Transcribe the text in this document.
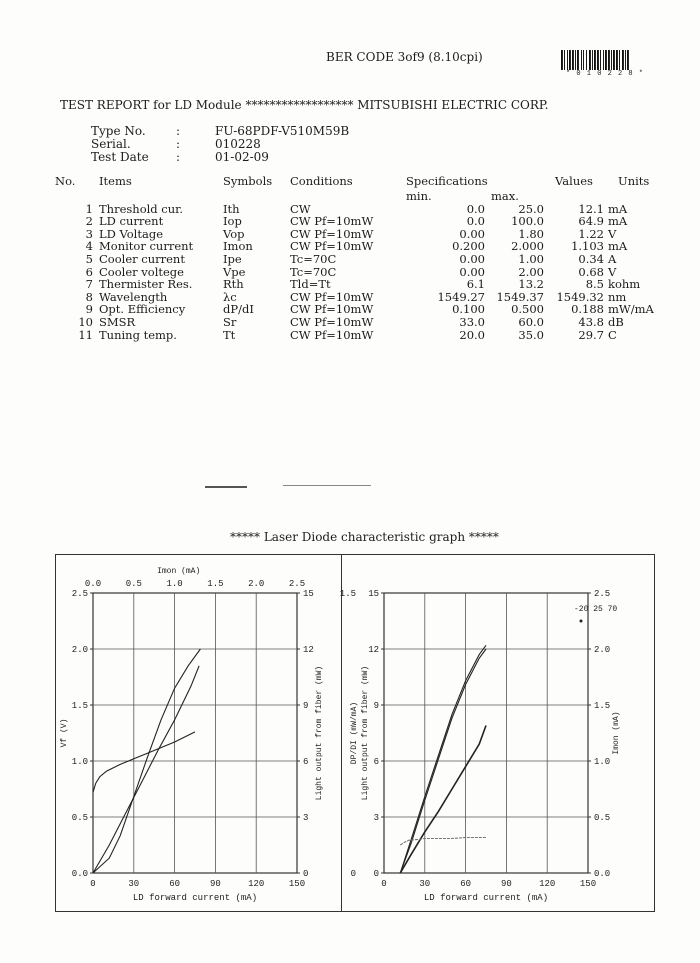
BER CODE 3of9 (8.10cpi)
* 0 1 0 2 2 8 *
TEST REPORT for LD Module ****************** MITSUBISHI ELECTRIC CORP.
Type No.	:	FU-68PDF-V510M59B
Serial.	:	010228
Test Date :	01-02-09
No.	Items	Symbols	Conditions	Specifications		Values	Units
				min.	max.		
1	Threshold cur.	Ith	CW	0.0	25.0	12.1	mA
2	LD current	Iop	CW Pf=10mW	0.0	100.0	64.9	mA
3	LD Voltage	Vop	CW Pf=10mW	0.00	1.80	1.22	V
4	Monitor current	Imon	CW Pf=10mW	0.200	2.000	1.103	mA
5	Cooler current	Ipe	Tc=70C	0.00	1.00	0.34	A
6	Cooler voltege	Vpe	Tc=70C	0.00	2.00	0.68	V
7	Thermister Res.	Rth	Tld=Tt	6.1	13.2	8.5	kohm
8	Wavelength	λc	CW Pf=10mW	1549.27	1549.37	1549.32	nm
9	Opt. Efficiency	dP/dI	CW Pf=10mW	0.100	0.500	0.188	mW/mA
10	SMSR	Sr	CW Pf=10mW	33.0	60.0	43.8	dB
11	Tuning temp.	Tt	CW Pf=10mW	20.0	35.0	29.7	C
***** Laser Diode characteristic graph *****
0	30	60	90	120	150
LD forward current (mA)
0.0
0.5
1.0
1.5
2.0
2.5
0
3
6
9
12
15
0.0	0.5	1.0	1.5	2.0	2.5
Imon (mA)
Vf (V)	Light output from fiber (mW)
0	30	60	90	120	150
LD forward current (mA)
0
3
6
9
12
15
0.0
0.5
1.0
1.5
2.0
2.5
DP/DI (mW/mA) Light output from fiber (mW)	Imon (mA)
1.5
0
-20 25 70
